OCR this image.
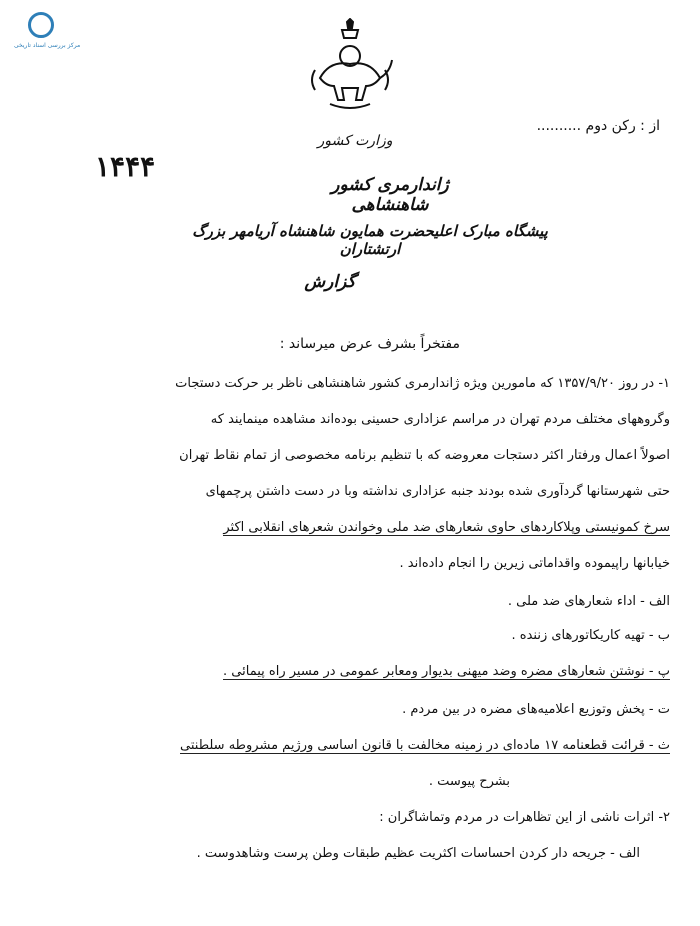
مرکز بررسی اسناد تاریخی
وزارت کشور
از : رکن دوم ..........
۱۴۴۴
ژاندارمری کشور شاهنشاهی
پیشگاه مبارک اعلیحضرت همایون شاهنشاه آریامهر بزرگ ارتشتاران
گزارش
مفتخراً بشرف عرض میرساند :
۱- در روز ۱۳۵۷/۹/۲۰ که مامورین ویژه ژاندارمری کشور شاهنشاهی ناظر بر حرکت دستجات
وگروههای مختلف مردم تهران در مراسم عزاداری حسینی بوده‌اند مشاهده مینمایند که
اصولاً اعمال ورفتار اکثر دستجات معروضه که با تنظیم برنامه مخصوصی از تمام نقاط تهران
حتی شهرستانها گردآوری شده بودند جنبه عزاداری نداشته وبا در دست داشتن پرچمهای
سرخ کمونیستی وپلاکاردهای حاوی شعارهای ضد ملی وخواندن شعرهای انقلابی اکثر
خیابانها راپیموده واقداماتی زیرین را انجام داده‌اند .
الف - اداء شعارهای ضد ملی .
ب - تهیه کاریکاتورهای زننده .
پ - نوشتن شعارهای مضره وضد میهنی بدیوار ومعابر عمومی در مسیر راه پیمائی .
ت - پخش وتوزیع اعلامیه‌های مضره در بین مردم .
ث - قرائت قطعنامه ۱۷ ماده‌ای در زمینه مخالفت با قانون اساسی ورژیم مشروطه سلطنتی
بشرح پیوست .
۲- اثرات ناشی از این تظاهرات در مردم وتماشاگران :
الف - جریحه دار کردن احساسات اکثریت عظیم طبقات وطن پرست وشاهدوست .
